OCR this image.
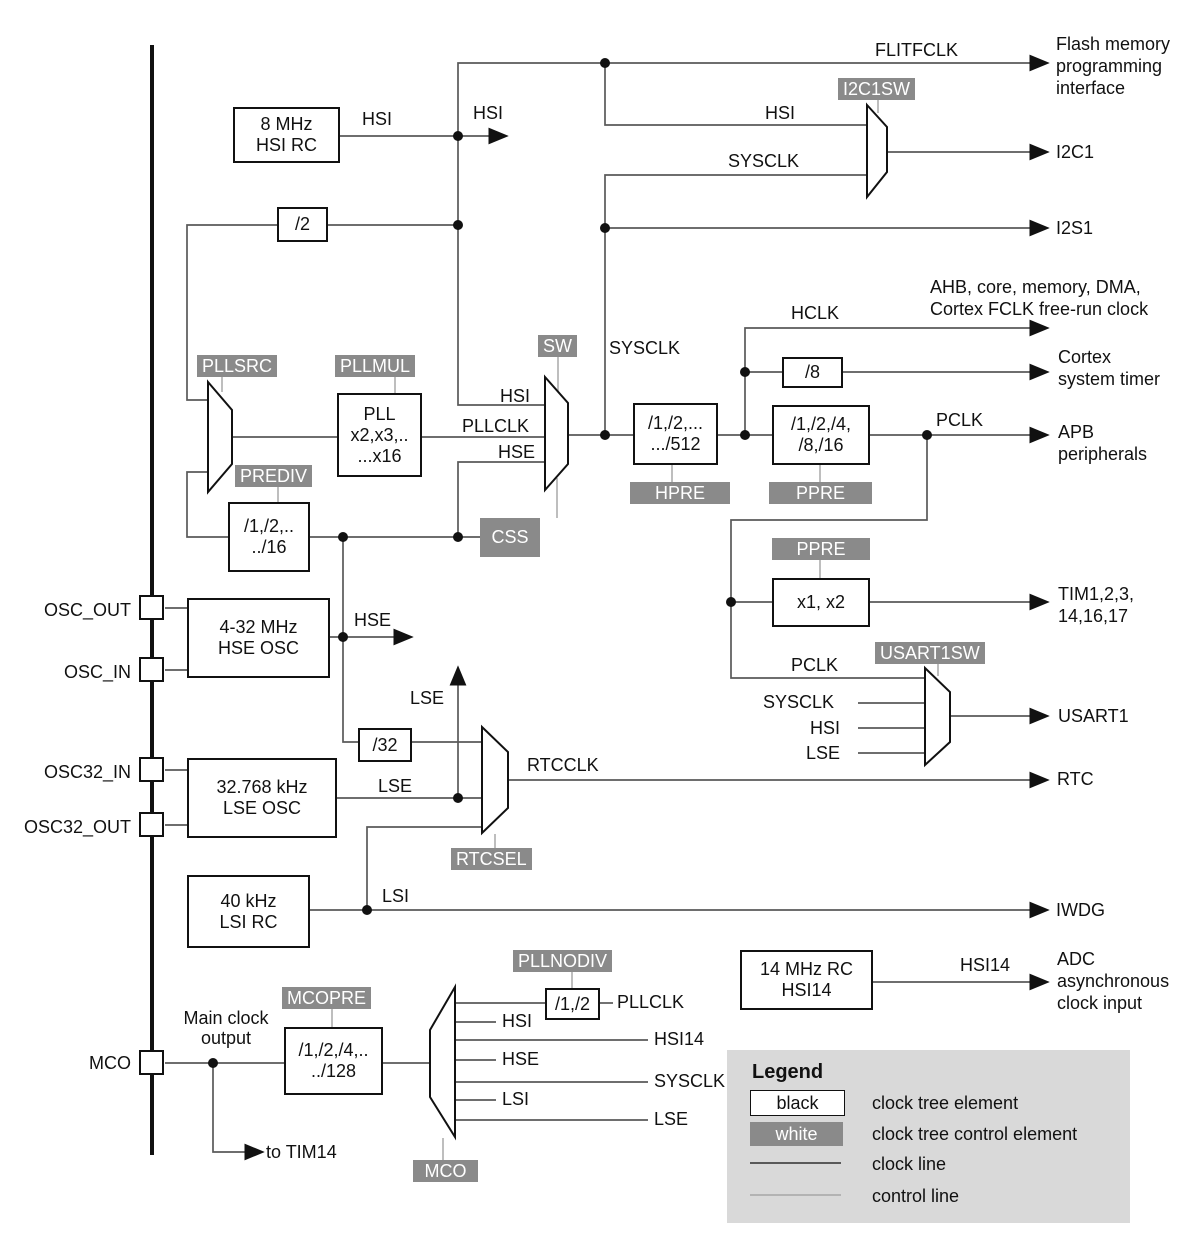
OSC_OUT
OSC_IN
OSC32_IN
OSC32_OUT
MCO
8 MHz
HSI RC
/2
PLL
x2,x3,..
...x16
/1,/2,..
../16
4-32 MHz
HSE OSC
32.768 kHz
LSE OSC
/32
40 kHz
LSI RC
14 MHz RC
HSI14
/1,/2,...
.../512
/1,/2,/4,
/8,/16
/8
x1, x2
/1,/2,/4,..
../128
/1,/2
PLLSRC	PLLMUL
PREDIV
SW
CSS
I2C1SW
HPRE	PPRE
PPRE
USART1SW
RTCSEL
MCOPRE
PLLNODIV
MCO
HSI	HSI
FLITFCLK
HSI
SYSCLK
SYSCLK
HSI
PLLCLK
HSE
HCLK
PCLK
HSE
LSE
LSE
RTCCLK
LSI
PCLK
SYSCLK
HSI
LSE
Main clock
output
to TIM14
HSI14
PLLCLK
HSI
HSI14
HSE
SYSCLK
LSI
LSE
Flash memory
programming
interface
I2C1
I2S1
AHB, core, memory, DMA,
Cortex FCLK free-run clock
Cortex
system timer
APB
peripherals
TIM1,2,3,
14,16,17
USART1
RTC
IWDG
ADC
asynchronous
clock input
Legend
black
white
clock tree element
clock tree control element
clock line
control line
